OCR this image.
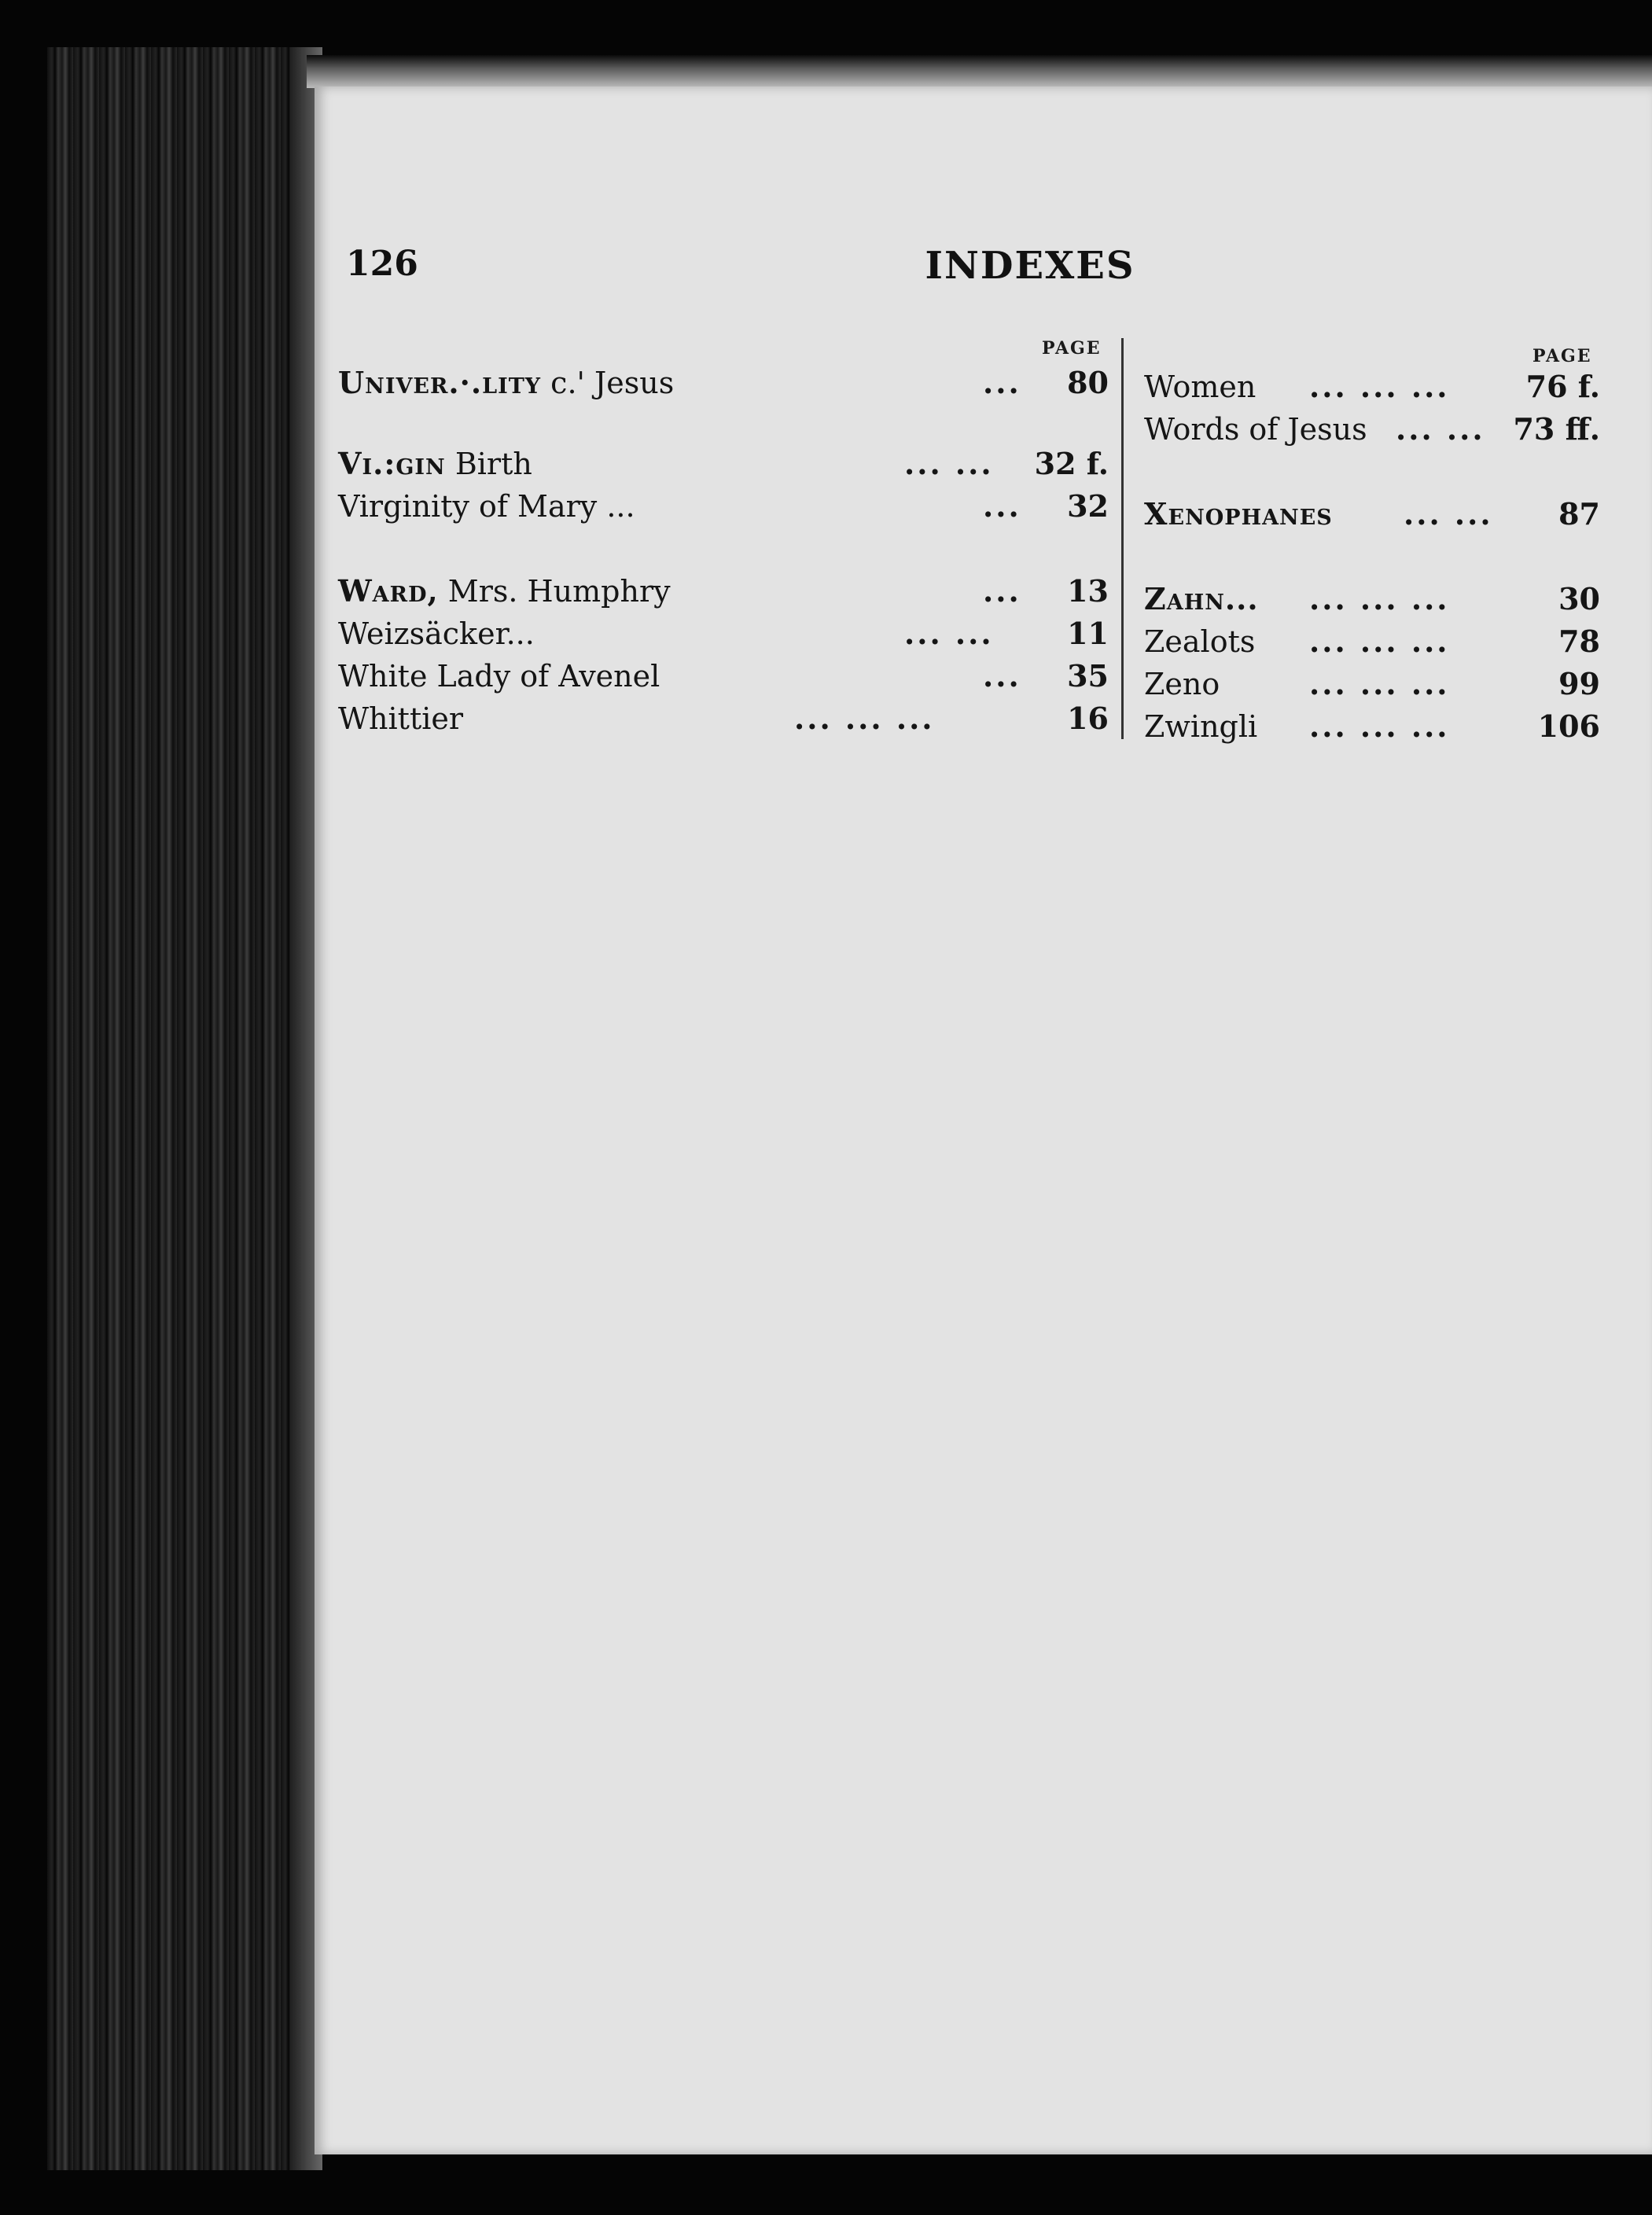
126	INDEXES
PAGE
Univer.·.lity c.' Jesus	... 80
Vi.:gin Birth	... ... 32 f.
Virginity of Mary ...	... 32
Ward, Mrs. Humphry	... 13
Weizsäcker...	... ... 11
White Lady of Avenel	... 35
Whittier	... ... ...	16
PAGE
Women ... ... ...	76 f.
Words of Jesus ... ... 73 ff.
Xenophanes ... ... 87
Zahn... ... ... ...	30
Zealots ... ... ...	78
Zeno	... ... ...	99
Zwingli ... ... ...	106
